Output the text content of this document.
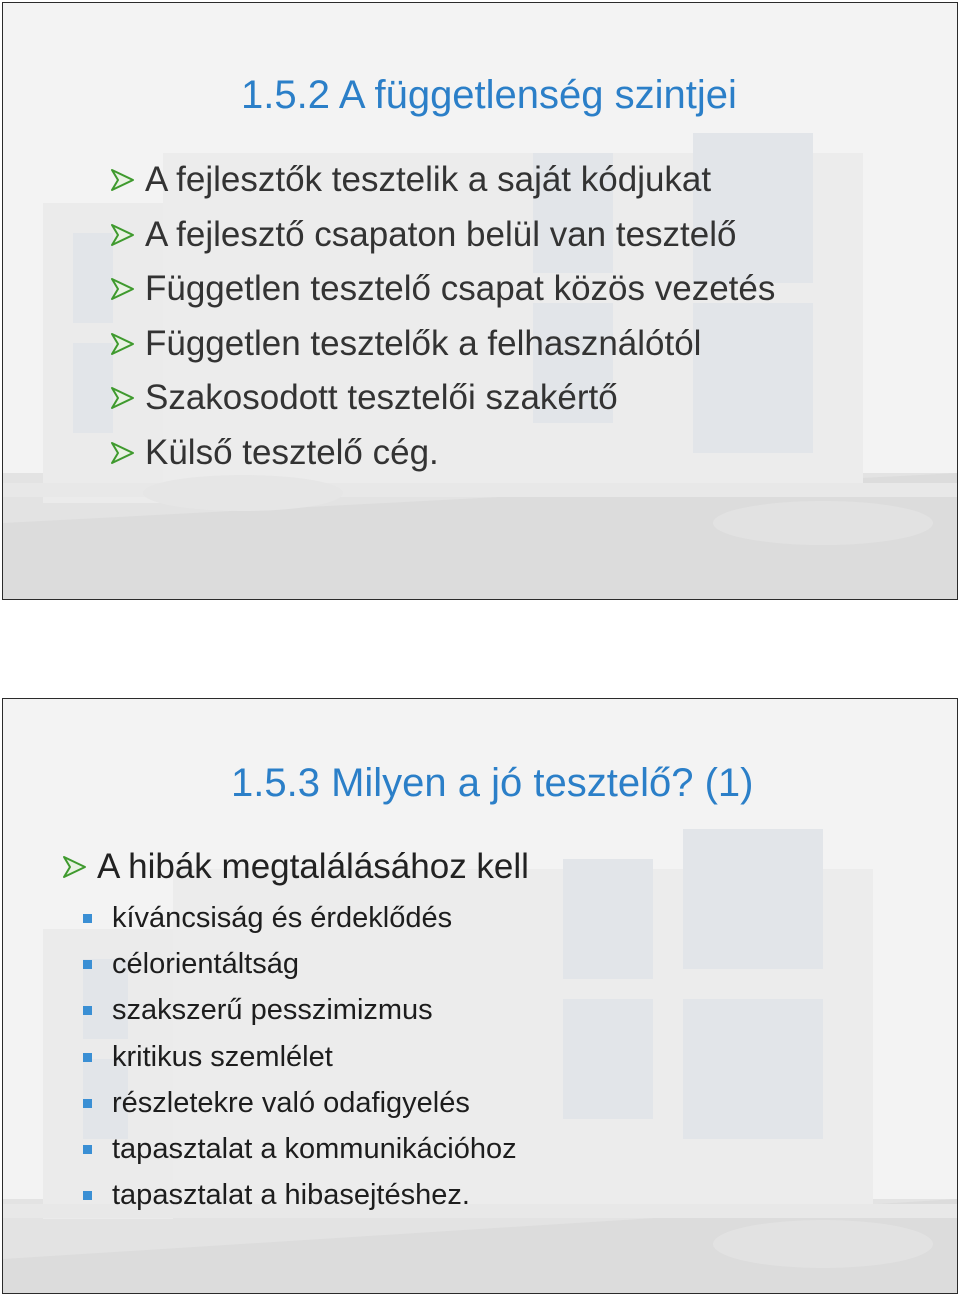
1.5.2 A függetlenség szintjei
A fejlesztők tesztelik a saját kódjukat
A fejlesztő csapaton belül van tesztelő
Független tesztelő csapat közös vezetés
Független tesztelők a felhasználótól
Szakosodott tesztelői szakértő
Külső tesztelő cég.
1.5.3 Milyen a jó tesztelő? (1)
A hibák megtalálásához kell
kíváncsiság és érdeklődés
célorientáltság
szakszerű pesszimizmus
kritikus szemlélet
részletekre való odafigyelés
tapasztalat a kommunikációhoz
tapasztalat a hibasejtéshez.
